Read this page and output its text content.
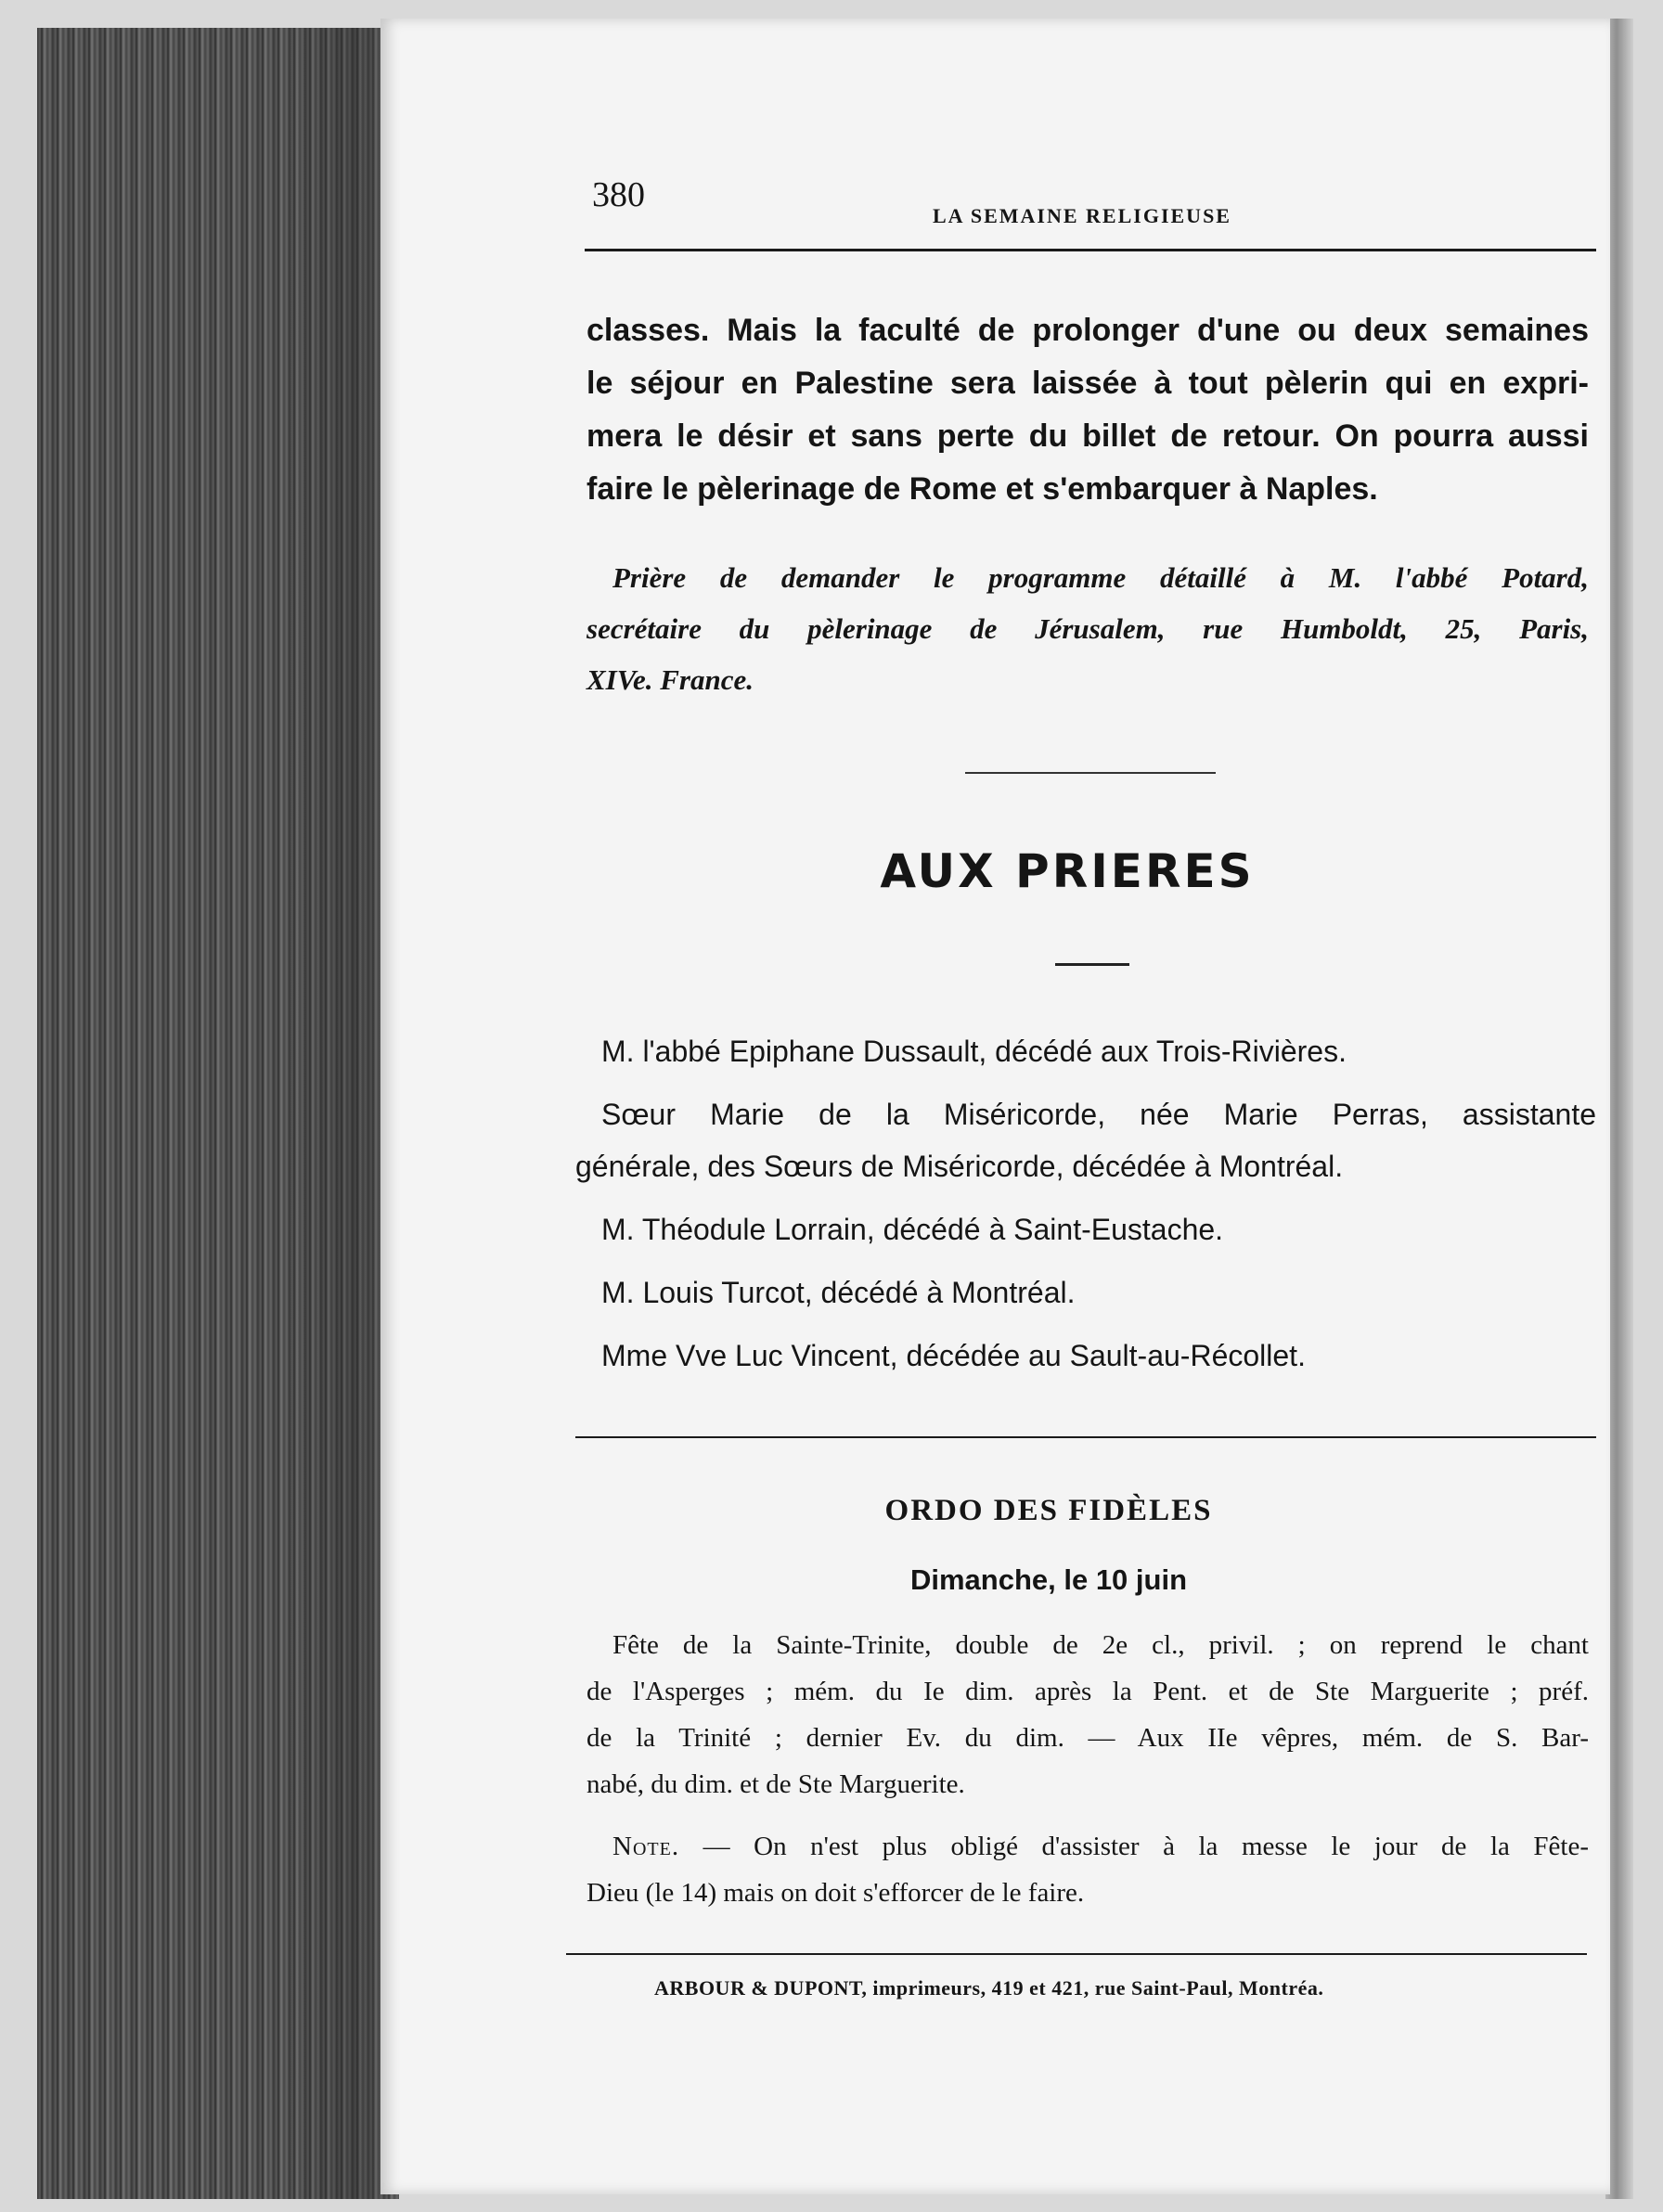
380
LA SEMAINE RELIGIEUSE
classes. Mais la faculté de prolonger d'une ou deux semaines
le séjour en Palestine sera laissée à tout pèlerin qui en expri-
mera le désir et sans perte du billet de retour. On pourra aussi
faire le pèlerinage de Rome et s'embarquer à Naples.
Prière de demander le programme détaillé à M. l'abbé Potard,
secrétaire du pèlerinage de Jérusalem, rue Humboldt, 25, Paris,
XIVe. France.
AUX PRIERES
M. l'abbé Epiphane Dussault, décédé aux Trois-Rivières.
Sœur Marie de la Miséricorde, née Marie Perras, assistante
générale, des Sœurs de Miséricorde, décédée à Montréal.
M. Théodule Lorrain, décédé à Saint-Eustache.
M. Louis Turcot, décédé à Montréal.
Mme Vve Luc Vincent, décédée au Sault-au-Récollet.
ORDO DES FIDÈLES
Dimanche, le 10 juin
Fête de la Sainte-Trinite, double de 2e cl., privil. ; on reprend le chant
de l'Asperges ; mém. du Ie dim. après la Pent. et de Ste Marguerite ; préf.
de la Trinité ; dernier Ev. du dim. — Aux IIe vêpres, mém. de S. Bar-
nabé, du dim. et de Ste Marguerite.
Note. — On n'est plus obligé d'assister à la messe le jour de la Fête-
Dieu (le 14) mais on doit s'efforcer de le faire.
ARBOUR & DUPONT, imprimeurs, 419 et 421, rue Saint-Paul, Montréa.
